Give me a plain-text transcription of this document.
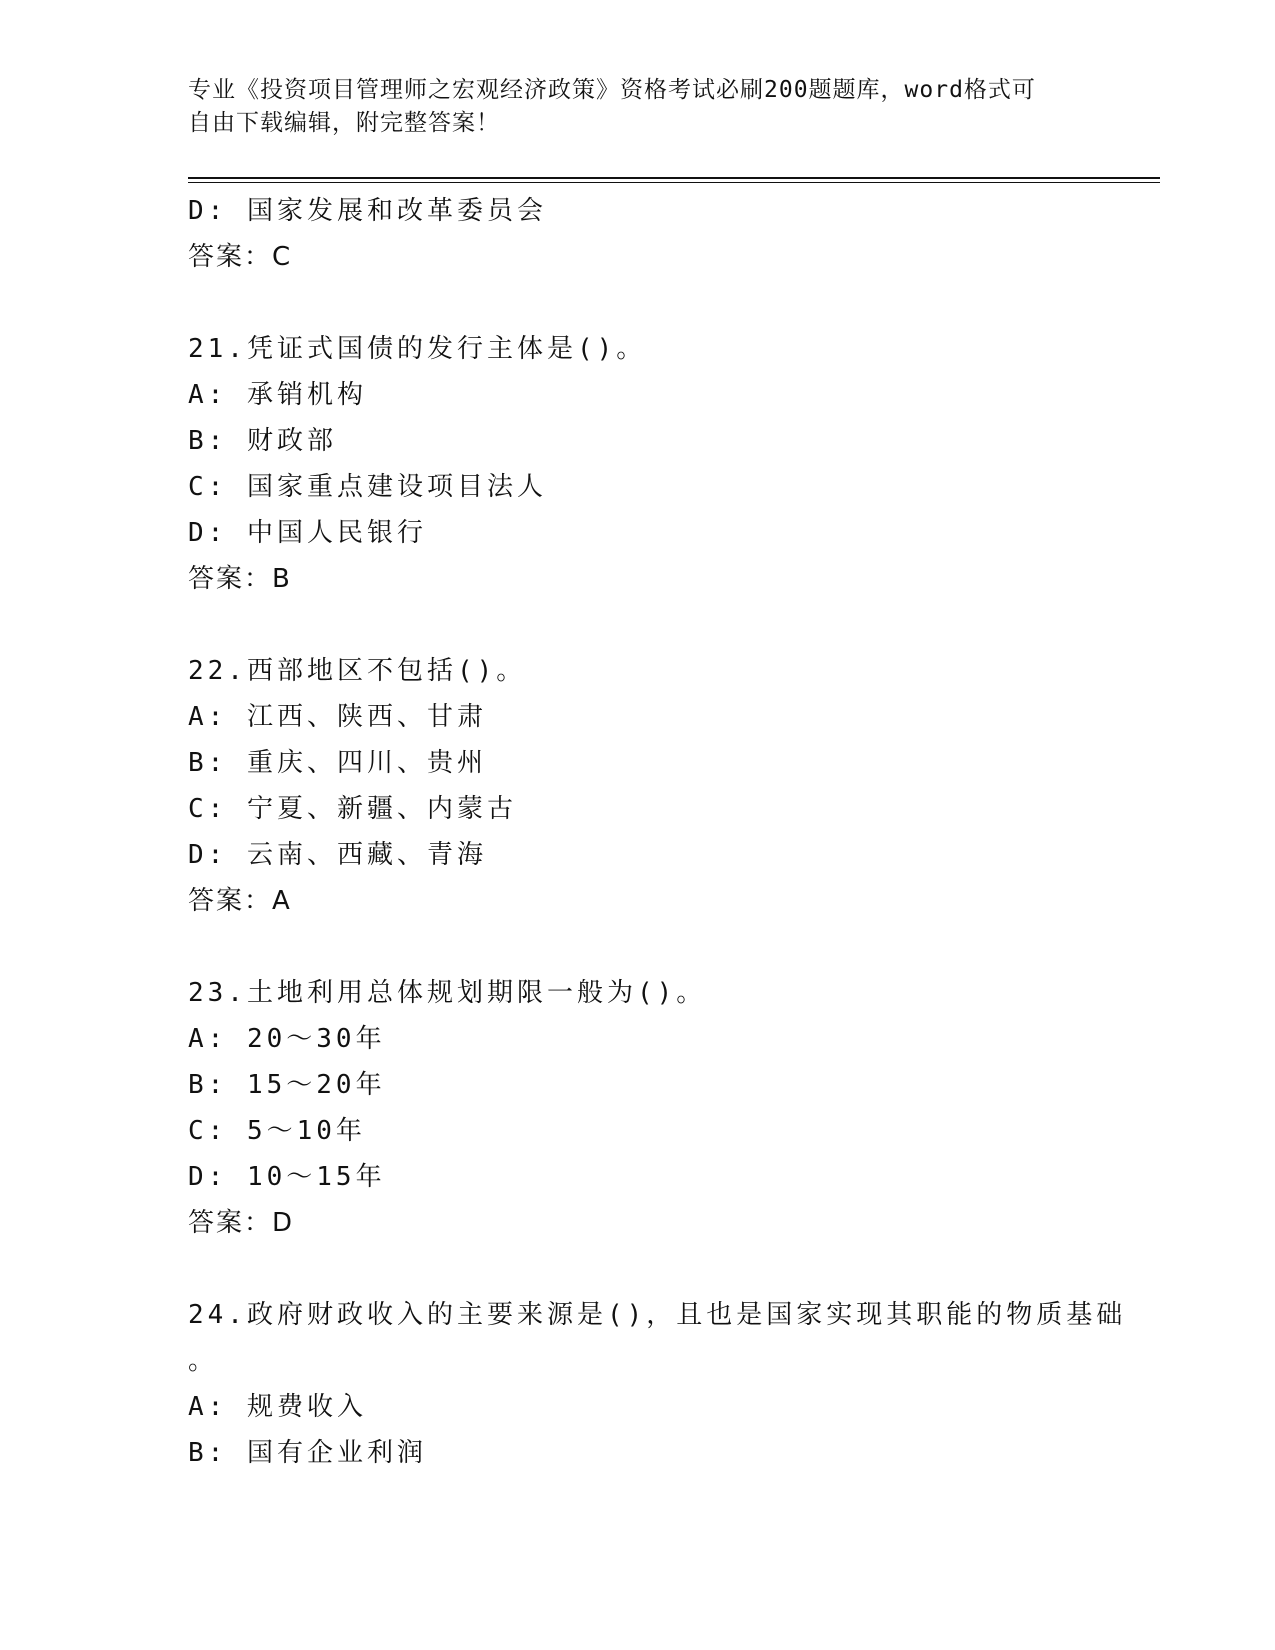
专业《投资项目管理师之宏观经济政策》资格考试必刷200题题库，word格式可
自由下载编辑，附完整答案！
D: 国家发展和改革委员会
答案：C
21.凭证式国债的发行主体是()。
A: 承销机构
B: 财政部
C: 国家重点建设项目法人
D: 中国人民银行
答案：B
22.西部地区不包括()。
A: 江西、陕西、甘肃
B: 重庆、四川、贵州
C: 宁夏、新疆、内蒙古
D: 云南、西藏、青海
答案：A
23.土地利用总体规划期限一般为()。
A: 20～30年
B: 15～20年
C: 5～10年
D: 10～15年
答案：D
24.政府财政收入的主要来源是()，且也是国家实现其职能的物质基础
。
A: 规费收入
B: 国有企业利润
